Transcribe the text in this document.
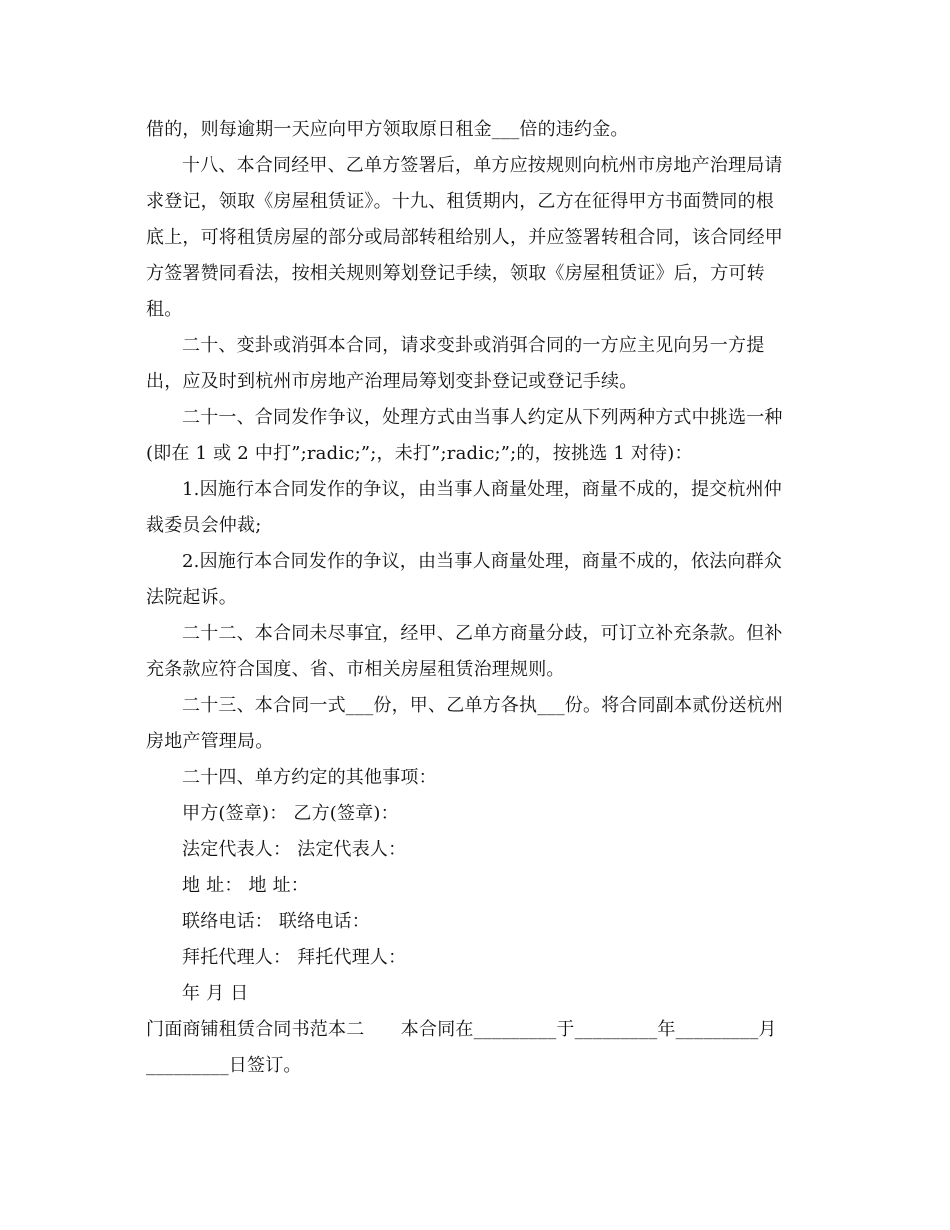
借的，则每逾期一天应向甲方领取原日租金___倍的违约金。
十八、本合同经甲、乙单方签署后，单方应按规则向杭州市房地产治理局请
求登记，领取《房屋租赁证》。十九、租赁期内，乙方在征得甲方书面赞同的根
底上，可将租赁房屋的部分或局部转租给别人，并应签署转租合同，该合同经甲
方签署赞同看法，按相关规则筹划登记手续，领取《房屋租赁证》后，方可转
租。
二十、变卦或消弭本合同，请求变卦或消弭合同的一方应主见向另一方提
出，应及时到杭州市房地产治理局筹划变卦登记或登记手续。
二十一、合同发作争议，处理方式由当事人约定从下列两种方式中挑选一种
(即在 1 或 2 中打”;radic;”;，未打”;radic;”;的，按挑选 1 对待)：
1.因施行本合同发作的争议，由当事人商量处理，商量不成的，提交杭州仲
裁委员会仲裁;
2.因施行本合同发作的争议，由当事人商量处理，商量不成的，依法向群众
法院起诉。
二十二、本合同未尽事宜，经甲、乙单方商量分歧，可订立补充条款。但补
充条款应符合国度、省、市相关房屋租赁治理规则。
二十三、本合同一式___份，甲、乙单方各执___份。将合同副本贰份送杭州
房地产管理局。
二十四、单方约定的其他事项：
甲方(签章)： 乙方(签章)：
法定代表人： 法定代表人：
地 址： 地 址：
联络电话： 联络电话：
拜托代理人： 拜托代理人：
年 月 日
门面商铺租赁合同书范本二　　本合同在_________于_________年_________月
_________日签订。
